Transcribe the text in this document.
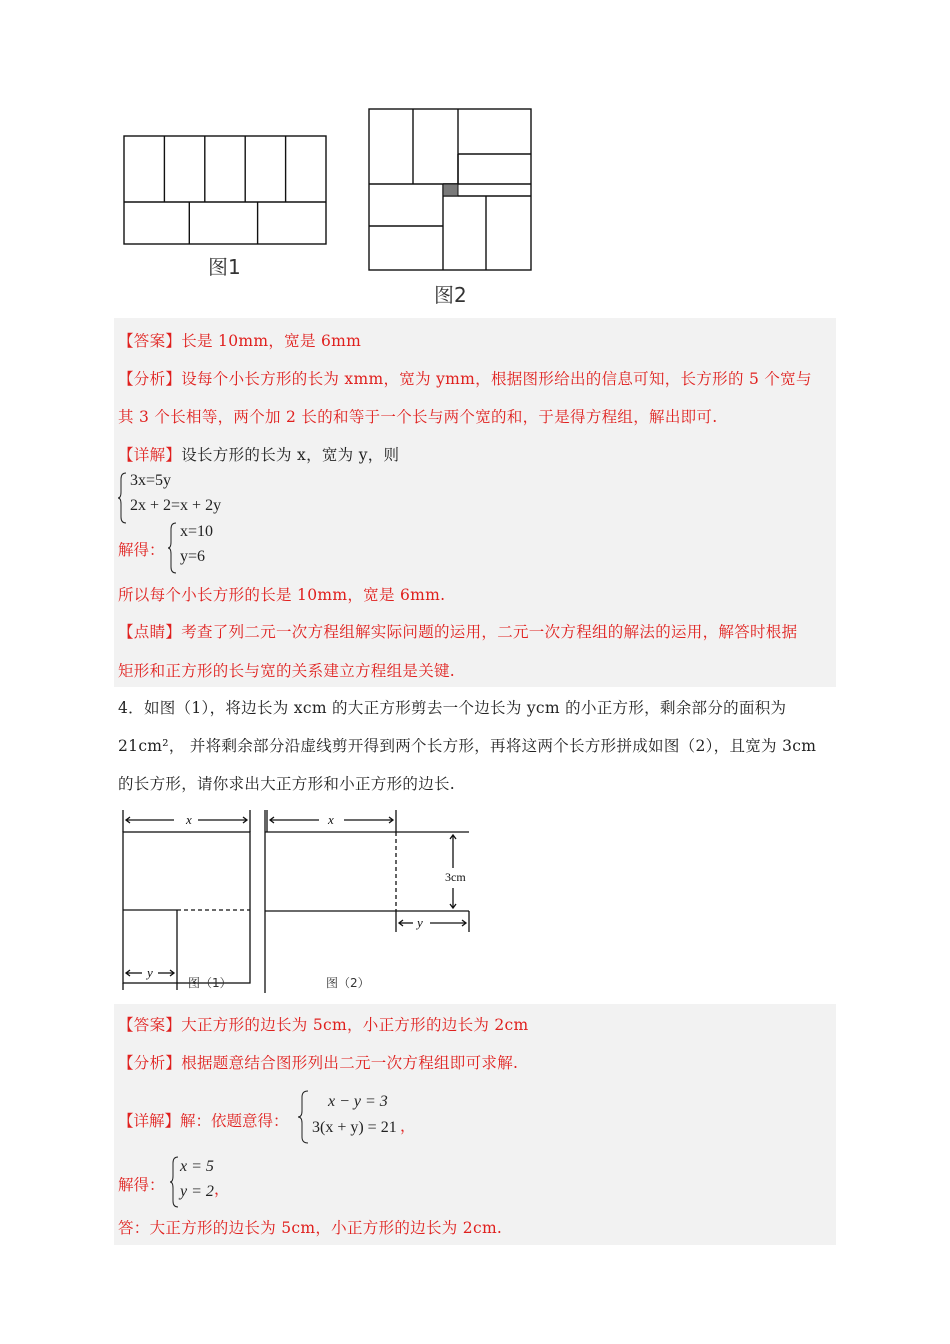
图1
图2
【答案】长是 10mm，宽是 6mm
【分析】设每个小长方形的长为 xmm，宽为 ymm，根据图形给出的信息可知，长方形的 5 个宽与
其 3 个长相等，两个加 2 长的和等于一个长与两个宽的和，于是得方程组，解出即可.
【详解】设长方形的长为 x，宽为 y，则
3x=5y
2x + 2=x + 2y
解得：
x=10
y=6
所以每个小长方形的长是 10mm，宽是 6mm.
【点睛】考查了列二元一次方程组解实际问题的运用，二元一次方程组的解法的运用，解答时根据
矩形和正方形的长与宽的关系建立方程组是关键.
4．如图（1），将边长为 xcm 的大正方形剪去一个边长为 ycm 的小正方形，剩余部分的面积为
21cm²， 并将剩余部分沿虚线剪开得到两个长方形，再将这两个长方形拼成如图（2），且宽为 3cm
的长方形，请你求出大正方形和小正方形的边长.
x
y
图（1）
x
y
3cm
图（2）
【答案】大正方形的边长为 5cm，小正方形的边长为 2cm
【分析】根据题意结合图形列出二元一次方程组即可求解.
【详解】解：依题意得：
x − y = 3
3(x + y) = 21 ，
解得：
x = 5
y = 2 ，
答：大正方形的边长为 5cm，小正方形的边长为 2cm.
